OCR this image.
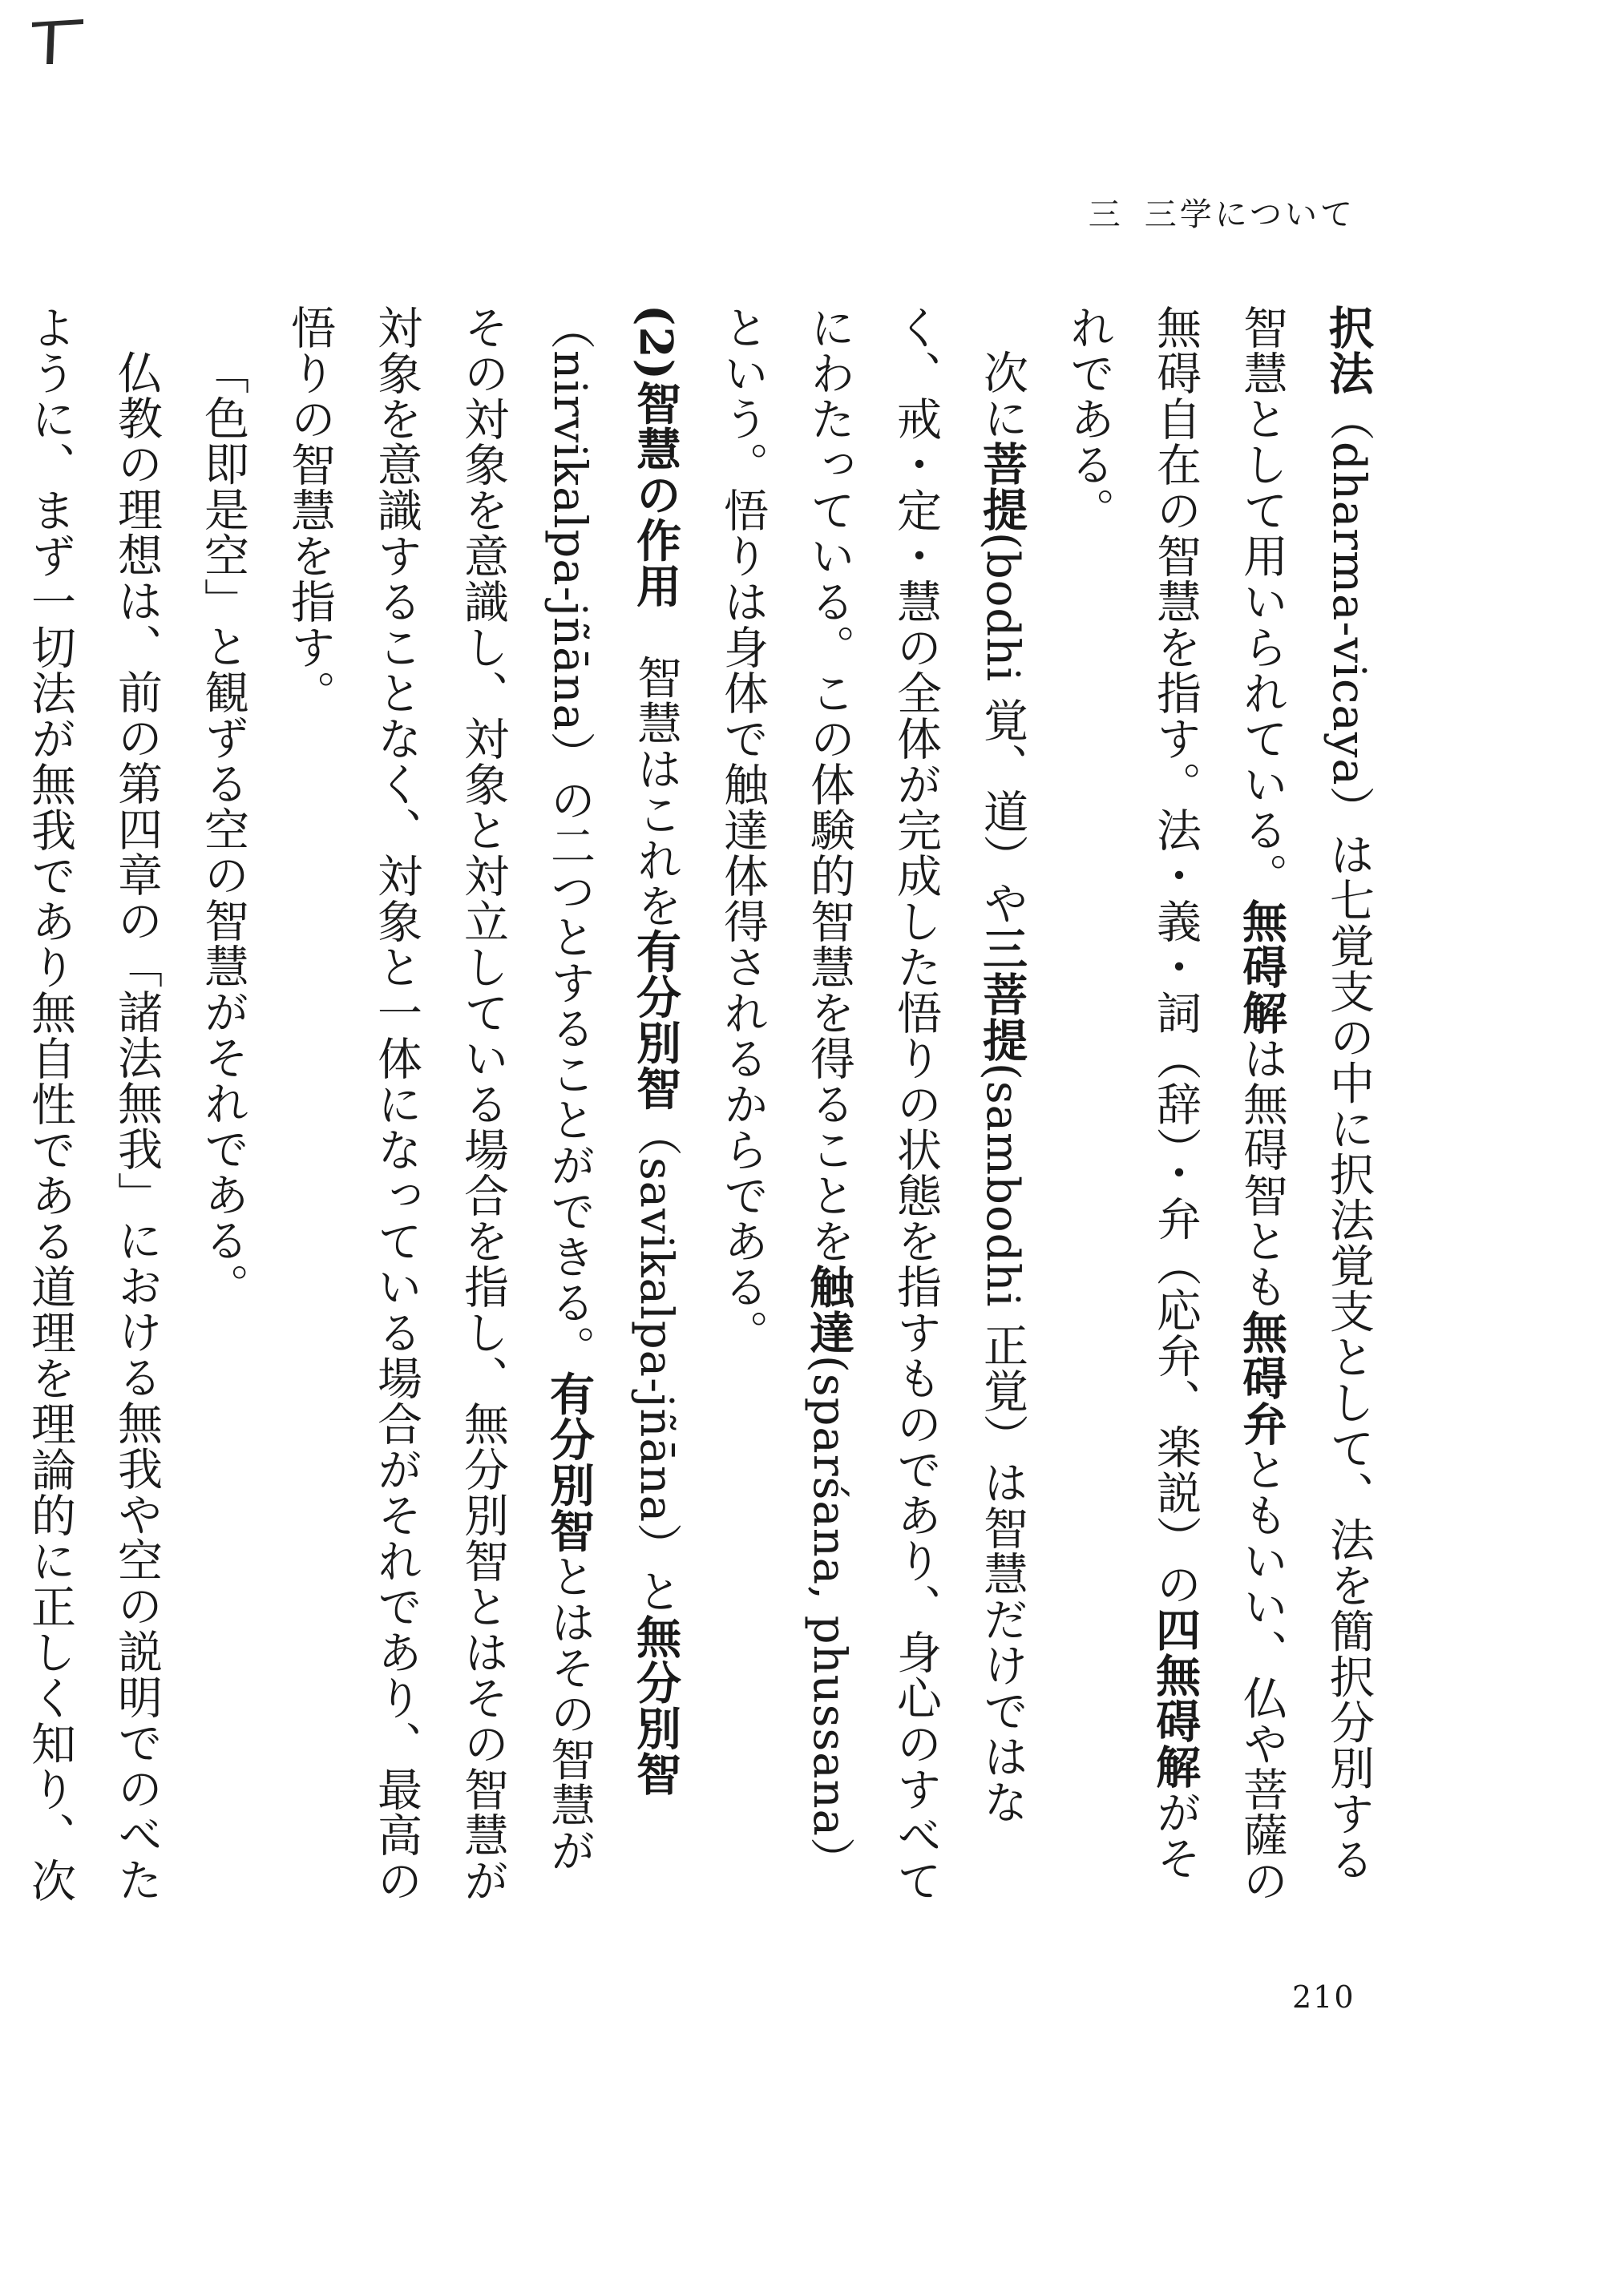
三 三学について

択法（dharma-vicaya）は七覚支の中に択法覚支として、法を簡択分別する智慧として用いられている。無碍解は無碍智とも無碍弁ともいい、仏や菩薩の無碍自在の智慧を指す。法・義・詞（辞）・弁（応弁、楽説）の四無碍解がそれである。

次に菩提(bodhi 覚、道）や三菩提(sambodhi 正覚）は智慧だけではなく、戒・定・慧の全体が完成した悟りの状態を指すものであり、身心のすべてにわたっている。この体験的智慧を得ることを触達(sparśana, phussana）という。悟りは身体で触達体得されるからである。

(2)智慧の作用　智慧はこれを有分別智（savikalpa-jñāna）と無分別智（nirvikalpa-jñāna）の二つとすることができる。有分別智とはその智慧がその対象を意識し、対象と対立している場合を指し、無分別智とはその智慧が対象を意識することなく、対象と一体になっている場合がそれであり、最高の悟りの智慧を指す。

「色即是空」と観ずる空の智慧がそれである。

仏教の理想は、前の第四章の「諸法無我」における無我や空の説明でのべたように、まず一切法が無我であり無自性である道理を理論的に正しく知り、次

210
